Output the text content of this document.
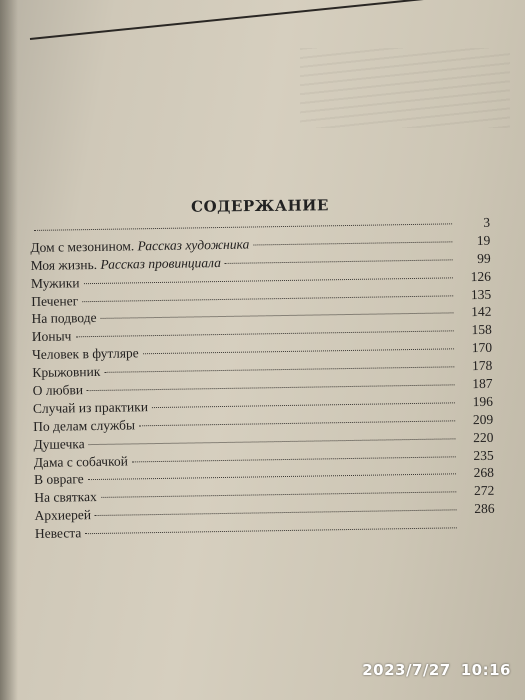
СОДЕРЖАНИЕ
3
Дом с мезонином. Рассказ художника	19
Моя жизнь. Рассказ провинциала	99
Мужики	126
Печенег	135
На подводе	142
Ионыч	158
Человек в футляре	170
Крыжовник	178
О любви	187
Случай из практики	196
По делам службы	209
Душечка	220
Дама с собачкой	235
В овраге	268
На святках	272
Архиерей	286
Невеста
2023/7/27 10:16
